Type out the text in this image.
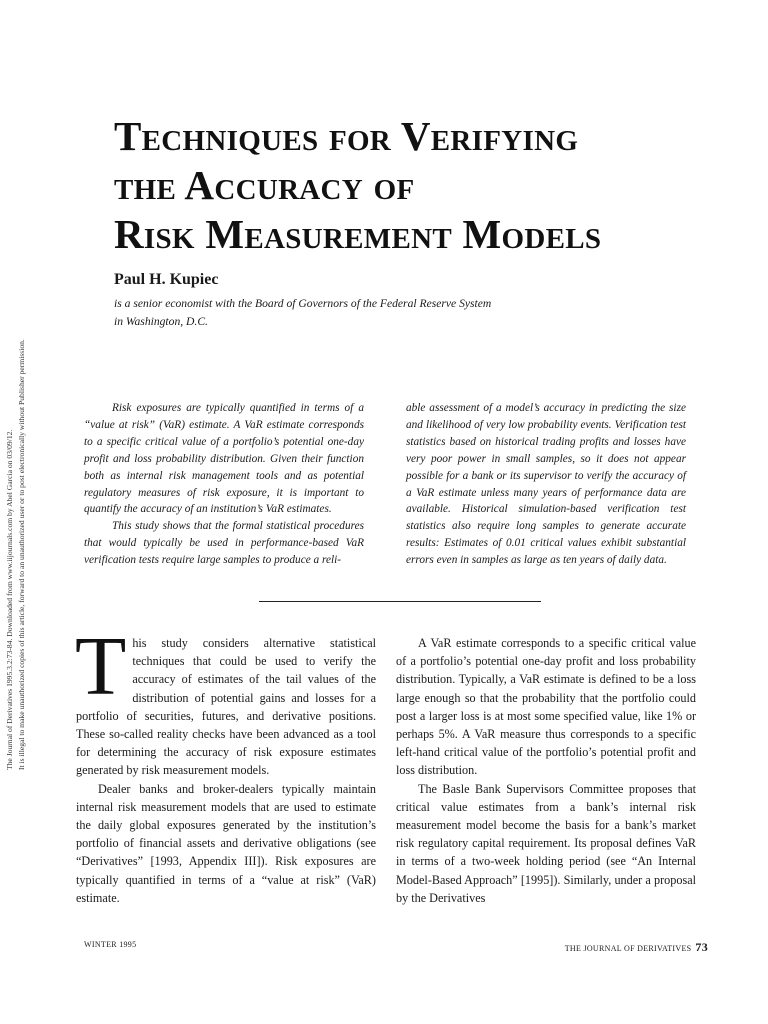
The Journal of Derivatives 1995.3.2:73-84. Downloaded from www.iijournals.com by Abel Garcia on 03/09/12. It is illegal to make unauthorized copies of this article, forward to an unauthorized user or to post electronically without Publisher permission.
Techniques for Verifying
the Accuracy of
Risk Measurement Models

Paul H. Kupiec

is a senior economist with the Board of Governors of the Federal Reserve System
in Washington, D.C.

Risk exposures are typically quantified in terms of a “value at risk” (VaR) estimate. A VaR estimate corresponds to a specific critical value of a portfolio’s potential one-day profit and loss probability distribution. Given their function both as internal risk management tools and as potential regulatory measures of risk exposure, it is important to quantify the accuracy of an institution’s VaR estimates.

This study shows that the formal statistical procedures that would typically be used in performance-based VaR verification tests require large samples to produce a reli-

able assessment of a model’s accuracy in predicting the size and likelihood of very low probability events. Verification test statistics based on historical trading profits and losses have very poor power in small samples, so it does not appear possible for a bank or its supervisor to verify the accuracy of a VaR estimate unless many years of performance data are available. Historical simulation-based verification test statistics also require long samples to generate accurate results: Estimates of 0.01 critical values exhibit substantial errors even in samples as large as ten years of daily data.

This study considers alternative statistical techniques that could be used to verify the accuracy of estimates of the tail values of the distribution of potential gains and losses for a portfolio of securities, futures, and derivative positions. These so-called reality checks have been advanced as a tool for determining the accuracy of risk exposure estimates generated by risk measurement models.

Dealer banks and broker-dealers typically maintain internal risk measurement models that are used to estimate the daily global exposures generated by the institution’s portfolio of financial assets and derivative obligations (see “Derivatives” [1993, Appendix III]). Risk exposures are typically quantified in terms of a “value at risk” (VaR) estimate.

A VaR estimate corresponds to a specific critical value of a portfolio’s potential one-day profit and loss probability distribution. Typically, a VaR estimate is defined to be a loss large enough so that the probability that the portfolio could post a larger loss is at most some specified value, like 1% or perhaps 5%. A VaR measure thus corresponds to a specific left-hand critical value of the portfolio’s potential profit and loss distribution.

The Basle Bank Supervisors Committee proposes that critical value estimates from a bank’s internal risk measurement model become the basis for a bank’s market risk regulatory capital requirement. Its proposal defines VaR in terms of a two-week holding period (see “An Internal Model-Based Approach” [1995]). Similarly, under a proposal by the Derivatives

WINTER 1995	THE JOURNAL OF DERIVATIVES 73
